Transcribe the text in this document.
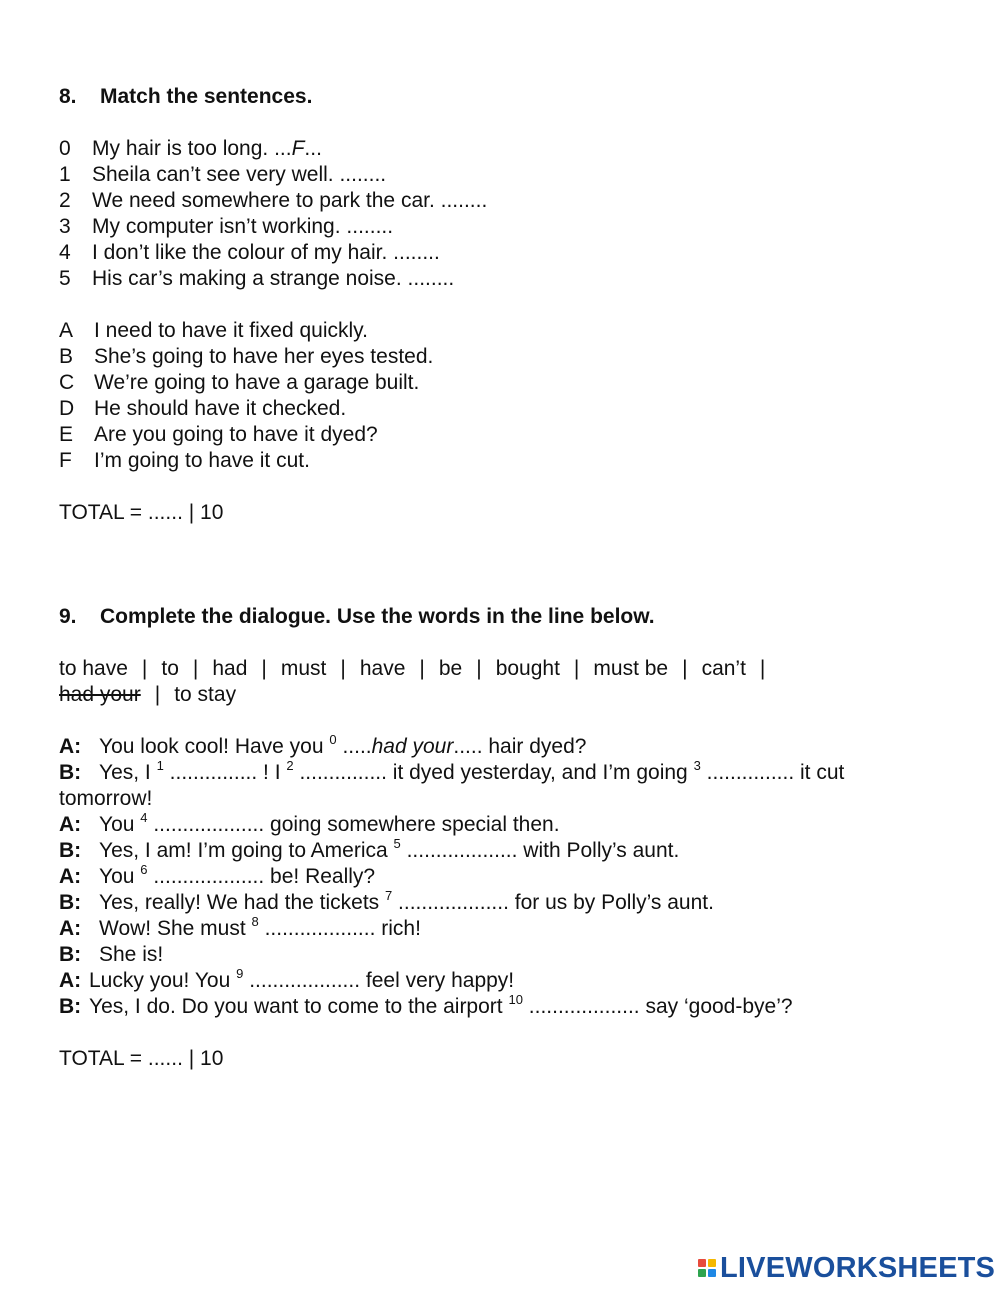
8. Match the sentences.

0	My hair is too long. ...F...
1	Sheila can’t see very well. ........
2	We need somewhere to park the car. ........
3	My computer isn’t working. ........
4	I don’t like the colour of my hair. ........
5	His car’s making a strange noise. ........
A I need to have it fixed quickly.
B She’s going to have her eyes tested.
C We’re going to have a garage built.
D He should have it checked.
E Are you going to have it dyed?
F	I’m going to have it cut.

TOTAL = ...... | 10

9. Complete the dialogue. Use the words in the line below.

to have | to | had | must | have | be | bought | must be | can’t |
had your | to stay

A: You look cool! Have you $^0$ .....had your..... hair dyed?

B: Yes, I $^1$ ............... ! I $^2$ ............... it dyed yesterday, and I’m going $^3$ ............... it cut
tomorrow!

A: You $^4$ ................... going somewhere special then.

B: Yes, I am! I’m going to America $^5$ ................... with Polly’s aunt.

A: You $^6$ ................... be! Really?

B: Yes, really! We had the tickets $^7$ ................... for us by Polly’s aunt.

A: Wow! She must $^8$ ................... rich!

B: She is!

A: Lucky you! You $^9$ ................... feel very happy!

B: Yes, I do. Do you want to come to the airport $^{10}$ ................... say ‘good-bye’?

TOTAL = ...... | 10

LIVEWORKSHEETS
